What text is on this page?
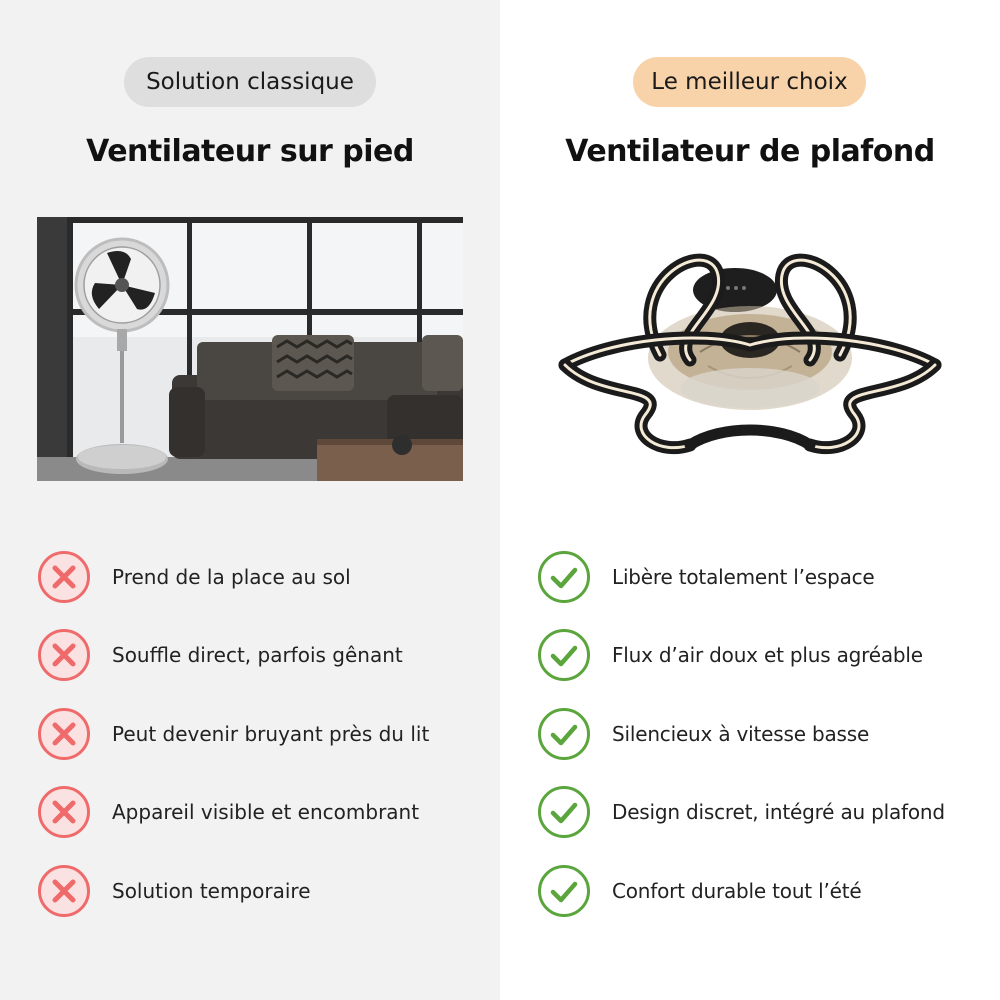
Solution classique
Ventilateur sur pied
Prend de la place au sol
Souffle direct, parfois gênant
Peut devenir bruyant près du lit
Appareil visible et encombrant
Solution temporaire
Le meilleur choix
Ventilateur de plafond
Libère totalement l’espace
Flux d’air doux et plus agréable
Silencieux à vitesse basse
Design discret, intégré au plafond
Confort durable tout l’été
